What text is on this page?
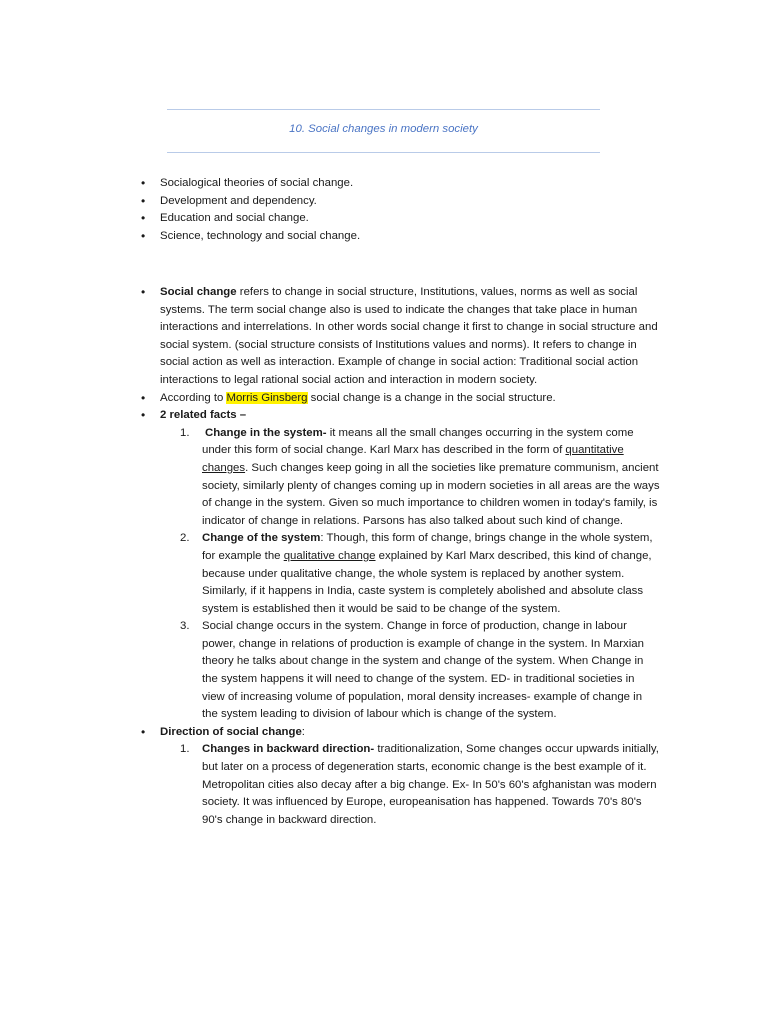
10. Social changes in modern society
• Socialogical theories of social change.
• Development and dependency.
• Education and social change.
• Science, technology and social change.
• Social change refers to change in social structure, Institutions, values, norms as well as social systems. The term social change also is used to indicate the changes that take place in human interactions and interrelations. In other words social change it first to change in social structure and social system. (social structure consists of Institutions values and norms). It refers to change in social action as well as interaction. Example of change in social action: Traditional social action interactions to legal rational social action and interaction in modern society.
• According to Morris Ginsberg social change is a change in the social structure.
• 2 related facts –
1. Change in the system- it means all the small changes occurring in the system come under this form of social change. Karl Marx has described in the form of quantitative changes. Such changes keep going in all the societies like premature communism, ancient society, similarly plenty of changes coming up in modern societies in all areas are the ways of change in the system. Given so much importance to children women in today's family, is indicator of change in relations. Parsons has also talked about such kind of change.
2. Change of the system: Though, this form of change, brings change in the whole system, for example the qualitative change explained by Karl Marx described, this kind of change, because under qualitative change, the whole system is replaced by another system. Similarly, if it happens in India, caste system is completely abolished and absolute class system is established then it would be said to be change of the system.
3. Social change occurs in the system. Change in force of production, change in labour power, change in relations of production is example of change in the system. In Marxian theory he talks about change in the system and change of the system. When Change in the system happens it will need to change of the system. ED- in traditional societies in view of increasing volume of population, moral density increases- example of change in the system leading to division of labour which is change of the system.
• Direction of social change:
1. Changes in backward direction- traditionalization, Some changes occur upwards initially, but later on a process of degeneration starts, economic change is the best example of it. Metropolitan cities also decay after a big change. Ex- In 50's 60's afghanistan was modern society. It was influenced by Europe, europeanisation has happened. Towards 70's 80's 90's change in backward direction.
